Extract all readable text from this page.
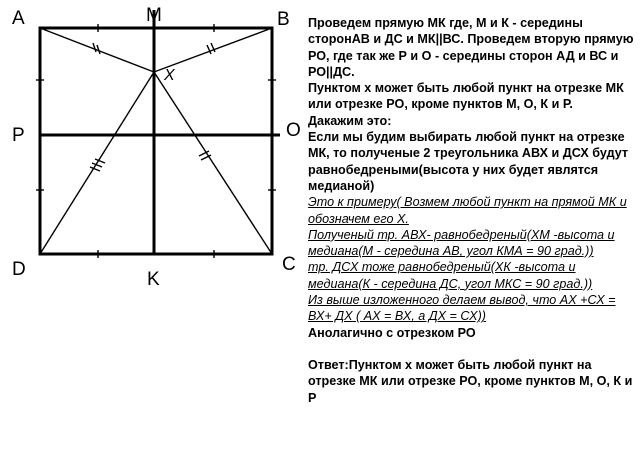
X
A	M	B
P	O
D	K
C

Проведем прямую МК где, М и К - середины сторонАВ и ДС и МК||ВС. Проведем вторую прямую РО, где так же Р и О - середины сторон АД и ВС и РО||ДС.

Пунктом х может быть любой пункт на отрезке МК или отрезке РО, кроме пунктов М, О, К и Р.

Дакажим это:

Если мы будим выбирать любой пункт на отрезке МК, то полученые 2 треугольника АВХ и ДСХ будут равнобедреными(высота у них будет являтся медианой)

Это к примеру( Возмем любой пункт на прямой МК и обозначем его Х.

Полученый тр. АВХ- равнобедреный(ХМ -высота и медиана(М - середина АВ, угол КМА = 90 град.))

тр. ДСХ тоже равнобедреный(ХК -высота и медиана(К - середина ДС, угол МКС = 90 град.))

Из выше изложенного делаем вывод, что АХ +СХ = ВХ+ ДХ ( АХ = ВХ, а ДХ = СХ))

Анолагично с отрезком РО

Ответ:Пунктом х может быть любой пункт на отрезке МК или отрезке РО, кроме пунктов М, О, К и Р
